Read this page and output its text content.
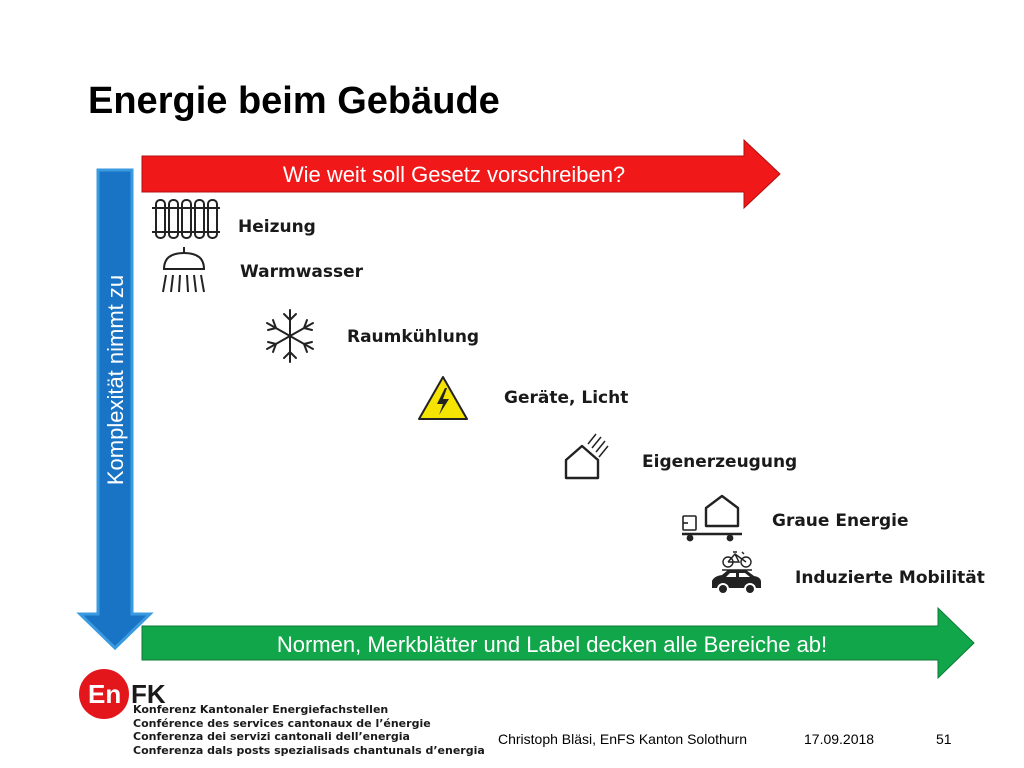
Energie beim Gebäude
Wie weit soll Gesetz vorschreiben?
Komplexität nimmt zu
Normen, Merkblätter und Label decken alle Bereiche ab!
Heizung
Warmwasser
Raumkühlung
Geräte, Licht
Eigenerzeugung
Graue Energie
Induzierte Mobilität
En FK
Konferenz Kantonaler Energiefachstellen
Conférence des services cantonaux de l’énergie
Conferenza dei servizi cantonali dell’energia
Conferenza dals posts spezialisads chantunals d’energia
Christoph Bläsi, EnFS Kanton Solothurn	17.09.2018	51
